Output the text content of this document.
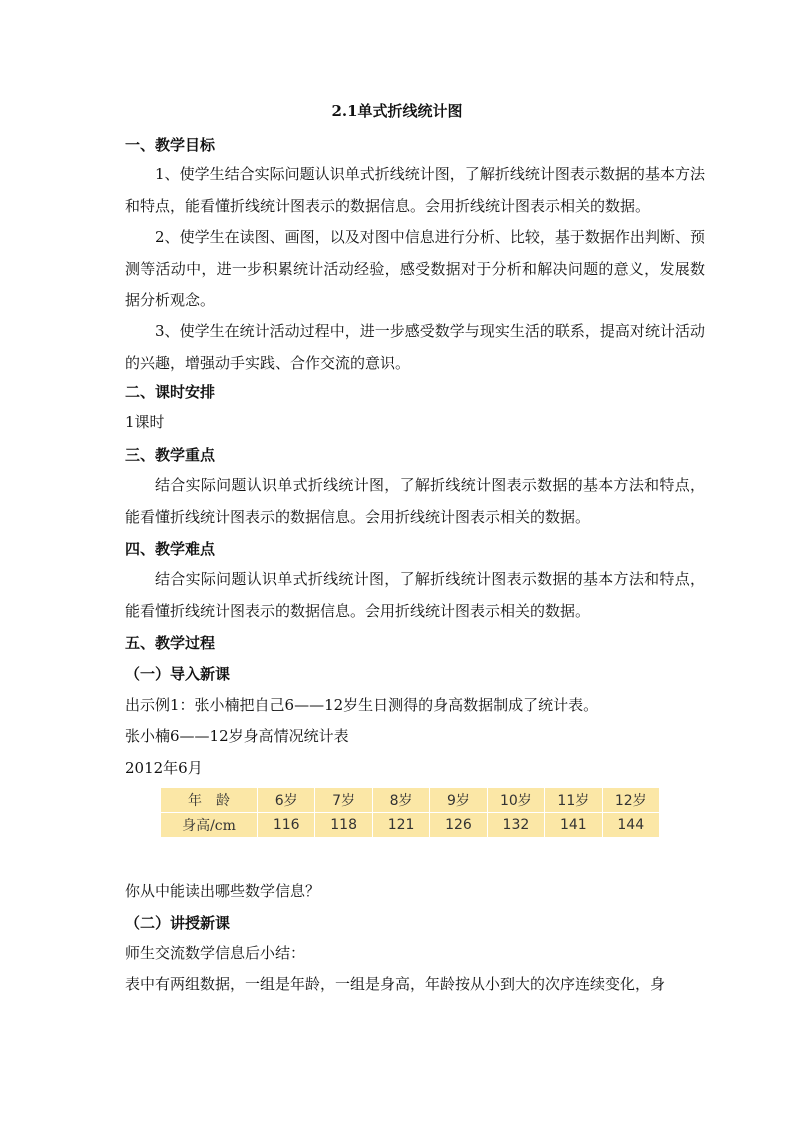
2.1单式折线统计图
一、教学目标

1、使学生结合实际问题认识单式折线统计图，了解折线统计图表示数据的基本方法和特点，能看懂折线统计图表示的数据信息。会用折线统计图表示相关的数据。

2、使学生在读图、画图，以及对图中信息进行分析、比较，基于数据作出判断、预测等活动中，进一步积累统计活动经验，感受数据对于分析和解决问题的意义，发展数据分析观念。

3、使学生在统计活动过程中，进一步感受数学与现实生活的联系，提高对统计活动的兴趣，增强动手实践、合作交流的意识。

二、课时安排

1课时

三、教学重点

结合实际问题认识单式折线统计图，了解折线统计图表示数据的基本方法和特点，能看懂折线统计图表示的数据信息。会用折线统计图表示相关的数据。

四、教学难点

结合实际问题认识单式折线统计图，了解折线统计图表示数据的基本方法和特点，能看懂折线统计图表示的数据信息。会用折线统计图表示相关的数据。

五、教学过程
（一）导入新课

出示例1：张小楠把自己6——12岁生日测得的身高数据制成了统计表。

张小楠6——12岁身高情况统计表

2012年6月

年　龄	6岁	7岁	8岁	9岁	10岁	11岁	12岁
身高/cm	116	118	121	126	132	141	144

你从中能读出哪些数学信息？

（二）讲授新课

师生交流数学信息后小结：

表中有两组数据，一组是年龄，一组是身高，年龄按从小到大的次序连续变化，身
